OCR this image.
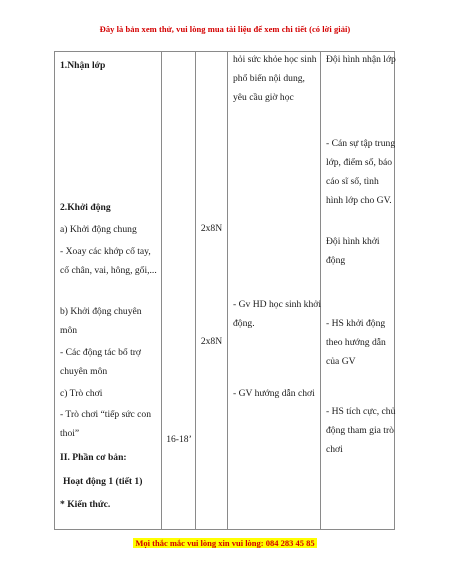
Đây là bản xem thử, vui lòng mua tài liệu để xem chi tiết (có lời giải)
1.Nhận lớp
2.Khởi động
a) Khởi động chung
- Xoay các khớp cổ tay, cổ chân, vai, hông, gối,...
b) Khởi động chuyên môn
- Các động tác bổ trợ chuyên môn
c) Trò chơi
- Trò chơi “tiếp sức con thoi”
II. Phần cơ bản:
Hoạt động 1 (tiết 1)
* Kiến thức.
16-18’
2x8N
2x8N
hỏi sức khỏe học sinh phổ biến nội dung, yêu cầu giờ học
- Gv HD học sinh khởi động.
- GV hướng dẫn chơi
Đội hình nhận lớp
- Cán sự tập trung lớp, điểm số, báo cáo sĩ số, tình hình lớp cho GV.
Đội hình khởi động
- HS khởi động theo hướng dẫn của GV
- HS tích cực, chủ động tham gia trò chơi
Mọi thắc mắc vui lòng xin vui lòng: 084 283 45 85
